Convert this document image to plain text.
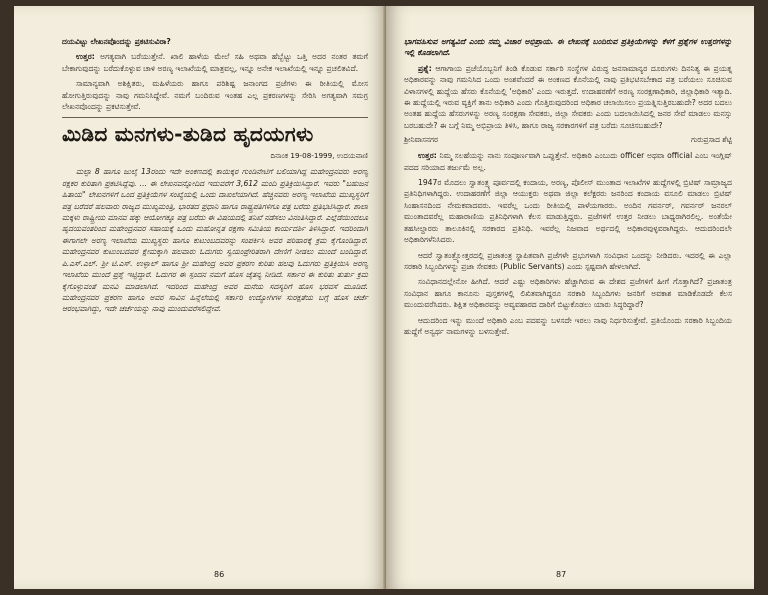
ದಯವಿಟ್ಟು ಲೇಖನವೊಂದನ್ನು ಪ್ರಕಟಿಸುವಿರಾ?

ಉತ್ತರ: ಅಗತ್ಯವಾಗಿ ಬರೆಯುತ್ತೇನೆ. ಖಾಲಿ ಹಾಳೆಯ ಮೇಲೆ ಸಹಿ ಅಥವಾ ಹೆಬ್ಬೆಟ್ಟು ಒತ್ತಿ ಅದರ ನಂತರ ತಮಗೆ ಬೇಕಾಗುವುದನ್ನು ಬರೆದುಕೊಳ್ಳುವ ಚಾಳಿ ಅರಣ್ಯ ಇಲಾಖೆಯಲ್ಲಿ ಮಾತ್ರವಲ್ಲ, ಇನ್ನೂ ಅನೇಕ ಇಲಾಖೆಯಲ್ಲಿ ಇನ್ನೂ ಪ್ರಚಲಿತವಿದೆ.

ಸಾಮಾನ್ಯವಾಗಿ ಅಶಿಕ್ಷಿತರು, ಮಹಿಳೆಯರು ಹಾಗೂ ಪರಿಶಿಷ್ಟ ಜನಾಂಗದ ಪ್ರಜೆಗಳು ಈ ರೀತಿಯಲ್ಲಿ ಮೋಸ ಹೋಗುತ್ತಿರುವುದನ್ನು ನಾವು ಗಮನಿಸಿದ್ದೇವೆ. ನಮಗೆ ಬಂದಿರುವ ಇಂತಹ ಎಲ್ಲ ಪ್ರಕರಣಗಳನ್ನು ಸೇರಿಸಿ ಅಗತ್ಯವಾಗಿ ಸಮಗ್ರ ಲೇಖನವೊಂದನ್ನು ಪ್ರಕಟಿಸುತ್ತೇವೆ.

ಮಿಡಿದ ಮನಗಳು-ತುಡಿದ ಹೃದಯಗಳು
ದಿನಾಂಕ 19-08-1999, ಉದಯವಾಣಿ

ಮಲ್ಪಾ 8 ಹಾಗೂ ಜುಲೈ 13ರಂದು ಇದೇ ಅಂಕಣದಲ್ಲಿ ಕಾಯಿಕ್ಕರ ಗುಂಡಿನೇಟಿಗೆ ಬಲಿಯಾಗಿದ್ದ ಮಹೇಂದ್ರನವರು ಅರಣ್ಯ ರಕ್ಷಕರ ಕುರಿತಾಗಿ ಪ್ರಕಟಿಸಿದ್ದೆವು. ... ಈ ಲೇಖನವನ್ನೋದಿದ ಇದುವರೆಗೆ 3,612 ಮಂದಿ ಪ್ರತಿಕ್ರಿಯಿಸಿದ್ದಾರೆ. ಇವರು "ಬಹುಜನ ಹಿತಾಯ" ಲೇಖನಗಳಿಗೆ ಒಂದ ಪ್ರತಿಕ್ರಿಯೆಗಳ ಸಂಖ್ಯೆಯಲ್ಲಿ ಒಂದು ದಾಖಲೆಯಾಗಿದೆ. ಹೆಚ್ಚಿನವರು ಅರಣ್ಯ ಇಲಾಖೆಯ ಮುಖ್ಯಸ್ಥರಿಗೆ ಪತ್ರ ಬರೆದರೆ ಹಲವಾರು ರಾಜ್ಯದ ಮುಖ್ಯಮಂತ್ರಿ, ಭಾರತದ ಪ್ರಧಾನಿ ಹಾಗೂ ರಾಷ್ಟ್ರಪತಿಗಳಿಗೂ ಪತ್ರ ಬರೆದು ಪ್ರತಿಭಟಿಸಿದ್ದಾರೆ. ಶಾಲಾ ಮಕ್ಕಳು ರಾಷ್ಟ್ರೀಯ ಮಾನವ ಹಕ್ಕು ಆಯೋಗಕ್ಕೂ ಪತ್ರ ಬರೆದು ಈ ವಿಷಯದಲ್ಲಿ ತನಿಖೆ ನಡೆಸಲು ವಿನಂತಿಸಿದ್ದಾರೆ. ಎಲ್ಲೆಡೆಯಿಂದಲೂ ಹೃದಯವಂತರಿಂದ ಮಹೇಂದ್ರನವರ ಸಹಾಯಕ್ಕೆ ಒಂದು ಮಹೋನ್ನತ ರಕ್ಷಣಾ ಸಮಿತಿಯ ಕಾರ್ಯದರ್ಶಿ ತಿಳಿಸಿದ್ದಾರೆ. ಇದರಿಂದಾಗಿ ಈಗಾಗಲೇ ಅರಣ್ಯ ಇಲಾಖೆಯ ಮುಖ್ಯಸ್ಥರು ಹಾಗೂ ಕುಟುಂಬದವರನ್ನು ಸಂಪರ್ಕಿಸಿ ಅವರ ಪರಿಹಾರಕ್ಕೆ ಕ್ರಮ ಕೈಗೊಂಡಿದ್ದಾರೆ. ಮಹೇಂದ್ರನವರ ಕುಟುಂಬದವರ ಕ್ಷೇಮಕ್ಕಾಗಿ ಹಲವಾರು ಓದುಗರು ಸ್ವಯಂಪ್ರೇರಿತರಾಗಿ ದೇಣಿಗೆ ನೀಡಲು ಮುಂದೆ ಬಂದಿದ್ದಾರೆ. ಪಿ.ಎಸ್.ಎಲ್. ಶ್ರೀ ಟಿ.ಎಸ್. ಉಳ್ಳಾಲ್ ಹಾಗೂ ಶ್ರೀ ಮಹೇಂದ್ರ ಅವರ ಪ್ರಕರಣ ಕುರಿತು ಹಲವು ಓದುಗರು ಪ್ರತಿಕ್ರಿಯಿಸಿ ಅರಣ್ಯ ಇಲಾಖೆಯ ಮುಂದೆ ಪ್ರಶ್ನೆ ಇಟ್ಟಿದ್ದಾರೆ. ಓದುಗರ ಈ ಸ್ಪಂದನ ನಮಗೆ ಹೊಸ ಚೈತನ್ಯ ನೀಡಿದೆ. ಸರ್ಕಾರ ಈ ಕುರಿತು ತುರ್ತು ಕ್ರಮ ಕೈಗೊಳ್ಳುವಂತೆ ಮನವಿ ಮಾಡಲಾಗಿದೆ. ಇದರಿಂದ ಮಹೇಂದ್ರ ಅವರ ಮನೆಯ ಸದಸ್ಯರಿಗೆ ಹೊಸ ಭರವಸೆ ಮೂಡಿದೆ. ಮಹೇಂದ್ರನವರ ಪ್ರಕರಣ ಹಾಗೂ ಅವರ ಸಾವಿನ ಹಿನ್ನೆಲೆಯಲ್ಲಿ ಸರ್ಕಾರಿ ಉದ್ಯೋಗಿಗಳ ಸುರಕ್ಷತೆಯ ಬಗ್ಗೆ ಹೊಸ ಚರ್ಚೆ ಆರಂಭವಾಗಿದ್ದು, ಇದೇ ಚರ್ಚೆಯನ್ನು ನಾವು ಮುಂದುವರೆಸಲಿದ್ದೇವೆ.

86

ಭಾಗವಹಿಸುವ ಅಗತ್ಯವಿದೆ ಎಂದು ನಮ್ಮ ವಿಚಾರ ಅಭಿಪ್ರಾಯ. ಈ ಲೇಖನಕ್ಕೆ ಬಂದಿರುವ ಪ್ರತಿಕ್ರಿಯೆಗಳನ್ನು ಕೆಳಗೆ ಪ್ರಶ್ನೆಗಳ ಉತ್ತರಗಳನ್ನು ಇಲ್ಲಿ ಕೊಡಲಾಗಿದೆ.

ಪ್ರಶ್ನೆ: ಆಗಾಗಾಯ ಪ್ರಜೆಯೊಬ್ಬನಿಗೆ ತಿಂಡಿ ಕೊಡುವ ಸರ್ಕಾರಿ ಸಂಸ್ಥೆಗಳ ವಿರುದ್ಧ ಜನಸಾಮಾನ್ಯರ ದೂರುಗಳು ದಿನನಿತ್ಯ ಈ ಪ್ರಯತ್ನ ಅಧಿಕಾರವನ್ನು ನಾವು ಗಮನಿಸಿದ ಒಂದು ಅಂಶವೆಂದರೆ ಈ ಅಂಕಣದ ಕೊನೆಯಲ್ಲಿ ನಾವು ಪ್ರತಿಭಟಿಸಬೇಕಾದ ಪತ್ರ ಬರೆಯಲು ಸೂಚಿಸುವ ವಿಳಾಸಗಳಲ್ಲಿ ಹುದ್ದೆಯ ಹೆಸರು ಕೊನೆಯಲ್ಲಿ 'ಅಧಿಕಾರಿ' ಎಂದು ಇರುತ್ತದೆ. ಉದಾಹರಣೆಗೆ ಅರಣ್ಯ ಸಂರಕ್ಷಣಾಧಿಕಾರಿ, ಜಿಲ್ಲಾಧಿಕಾರಿ ಇತ್ಯಾದಿ. ಈ ಹುದ್ದೆಯಲ್ಲಿ ಇರುವ ವ್ಯಕ್ತಿಗೆ ತಾನು ಅಧಿಕಾರಿ ಎಂದು ಗೊತ್ತಿರುವುದರಿಂದ ಅಧಿಕಾರ ಚಲಾಯಿಸಲು ಪ್ರಯತ್ನಿಸುತ್ತಿರಬಹುದೇ? ಅದರ ಬದಲು ಅಂತಹ ಹುದ್ದೆಯ ಹೆಸರುಗಳನ್ನು ಅರಣ್ಯ ಸಂರಕ್ಷಣಾ ಸೇವಕರು, ಜಿಲ್ಲಾ ಸೇವಕರು ಎಂದು ಬದಲಾಯಿಸಿದಲ್ಲಿ ಜನರ ಸೇವೆ ಮಾಡಲು ಮನಸ್ಸು ಬರಬಹುದೇ? ಈ ಬಗ್ಗೆ ನಿಮ್ಮ ಅಭಿಪ್ರಾಯ ತಿಳಿಸಿ, ಹಾಗೂ ರಾಜ್ಯ ಸರಕಾರಗಳಿಗೆ ಪತ್ರ ಬರೆದು ಸೂಚಿಸಬಹುದೇ?

ಶ್ರೀನಿವಾಸನಗರ	ಗುರುಪ್ರಸಾದ ಶೆಟ್ಟಿ

ಉತ್ತರ: ನಿಮ್ಮ ಸಲಹೆಯನ್ನು ನಾನು ಸಂಪೂರ್ಣವಾಗಿ ಒಪ್ಪುತ್ತೇನೆ. ಅಧಿಕಾರಿ ಎಂಬುದು officer ಅಥವಾ official ಎಂಬ ಇಂಗ್ಲಿಷ್ ಪದದ ಸರಿಯಾದ ತರ್ಜುಮೆ ಅಲ್ಲ.

1947ರ ಮೊದಲು ಸ್ವಾತಂತ್ರ್ಯ ಪೂರ್ವದಲ್ಲಿ ಕಂದಾಯ, ಅರಣ್ಯ, ಪೊಲೀಸ್ ಮುಂತಾದ ಇಲಾಖೆಗಳ ಹುದ್ದೆಗಳಲ್ಲಿ ಬ್ರಿಟಿಷ್ ಸಾಮ್ರಾಜ್ಯದ ಪ್ರತಿನಿಧಿಗಳಾಗಿದ್ದರು. ಉದಾಹರಣೆಗೆ ಜಿಲ್ಲಾ ಆಯುಕ್ತರು ಅಥವಾ ಜಿಲ್ಲಾ ಕಲೆಕ್ಟರರು ಜನರಿಂದ ಕಂದಾಯ ವಸೂಲಿ ಮಾಡಲು ಬ್ರಿಟಿಷ್ ಸಿಂಹಾಸನದಿಂದ ನೇಮಕವಾದವರು. ಇವರೆಲ್ಲ ಒಂದು ರೀತಿಯಲ್ಲಿ ಪಾಳೆಯಗಾರರು. ಅಂದಿನ ಗವರ್ನರ್, ಗವರ್ನರ್ ಜನರಲ್ ಮುಂತಾದವರೆಲ್ಲ ಮಹಾರಾಣಿಯ ಪ್ರತಿನಿಧಿಗಳಾಗಿ ಕೆಲಸ ಮಾಡುತ್ತಿದ್ದರು. ಪ್ರಜೆಗಳಿಗೆ ಉತ್ತರ ನೀಡಲು ಬಾಧ್ಯರಾಗಿರಲಿಲ್ಲ. ಅಂತೆಯೇ ತಹಸೀಲ್ದಾರರು ತಾಲೂಕಿನಲ್ಲಿ ಸರಕಾರದ ಪ್ರತಿನಿಧಿ. ಇವರೆಲ್ಲ ನಿಜವಾದ ಅರ್ಥದಲ್ಲಿ ಅಧಿಕಾರವುಳ್ಳವರಾಗಿದ್ದರು. ಆದುದರಿಂದಲೇ ಅಧಿಕಾರಿಗಳೆನಿಸಿದರು.

ಆದರೆ ಸ್ವಾತಂತ್ರ್ಯೋತ್ತರದಲ್ಲಿ ಪ್ರಜಾತಂತ್ರ ಸ್ಥಾಪಿತವಾಗಿ ಪ್ರಜೆಗಳೇ ಪ್ರಭುಗಳಾಗಿ ಸಂವಿಧಾನ ಒಂದನ್ನು ನೀಡಿದರು. ಇದರಲ್ಲಿ ಈ ಎಲ್ಲಾ ಸರಕಾರಿ ಸಿಬ್ಬಂದಿಗಳನ್ನು ಪ್ರಜಾ ಸೇವಕರು (Public Servants) ಎಂದು ಸ್ಪಷ್ಟವಾಗಿ ಹೇಳಲಾಗಿದೆ.

ಸಂವಿಧಾನದಲ್ಲೇನೋ ಹೀಗಿದೆ. ಆದರೆ ಎಷ್ಟು ಅಧಿಕಾರಿಗಳು ಹೆಚ್ಚಾಗಿರುವ ಈ ದೇಶದ ಪ್ರಜೆಗಳಿಗೆ ಹೀಗೆ ಗೊತ್ತಾಗಿದೆ? ಪ್ರಜಾತಂತ್ರ ಸಂವಿಧಾನ ಹಾಗೂ ಕಾನೂನು ಪುಸ್ತಕಗಳಲ್ಲಿ ಲಿಖಿತವಾಗಿದ್ದರೂ ಸರಕಾರಿ ಸಿಬ್ಬಂದಿಗಳು ಜನರಿಗೆ ಅವಕಾಶ ಮಾಡಿಕೊಡದೇ ಕೆಲಸ ಮುಂದುವರೆಸಿದರು. ಶಿಕ್ಷಿತ ಅಧಿಕಾರವನ್ನು ಅವ್ಯವಹಾರದ ದಾರಿಗೆ ಬಿಟ್ಟುಕೊಡಲು ಯಾರು ಸಿದ್ಧರಿದ್ದಾರೆ?

ಆದುದರಿಂದ ಇನ್ನು ಮುಂದೆ ಅಧಿಕಾರಿ ಎಂಬ ಪದವನ್ನು ಬಳಸದೇ ಇರಲು ನಾವು ನಿರ್ಧರಿಸುತ್ತೇವೆ. ಪ್ರತಿಯೊಂದು ಸರಕಾರಿ ಸಿಬ್ಬಂದಿಯ ಹುದ್ದೆಗೆ ಅನ್ವರ್ಥ ನಾಮಗಳನ್ನು ಬಳಸುತ್ತೇವೆ.

87
